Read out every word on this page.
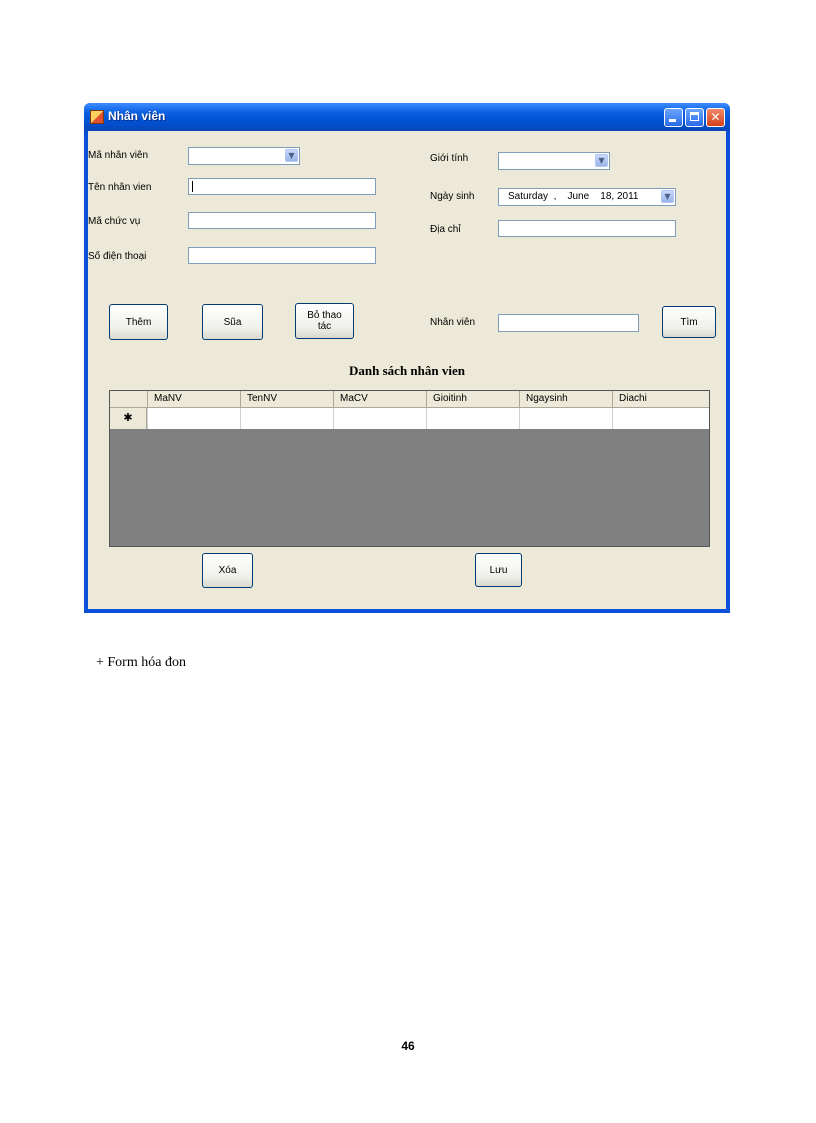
Nhân viên	✕
Mã nhân viên	▼
Tên nhân vien
Mã chức vụ
Số điện thoại
Giới tính	▼
Ngày sinh	Saturday  ,    June    18, 2011	▼
Địa chỉ
Thêm	Sũa
Bỏ thao
tác	Nhân viên	Tìm
Danh sách nhân vien
MaNV	TenNV	MaCV	Gioitinh	Ngaysinh	Diachi
✱
Xóa	Lưu
+ Form hóa đon
46
